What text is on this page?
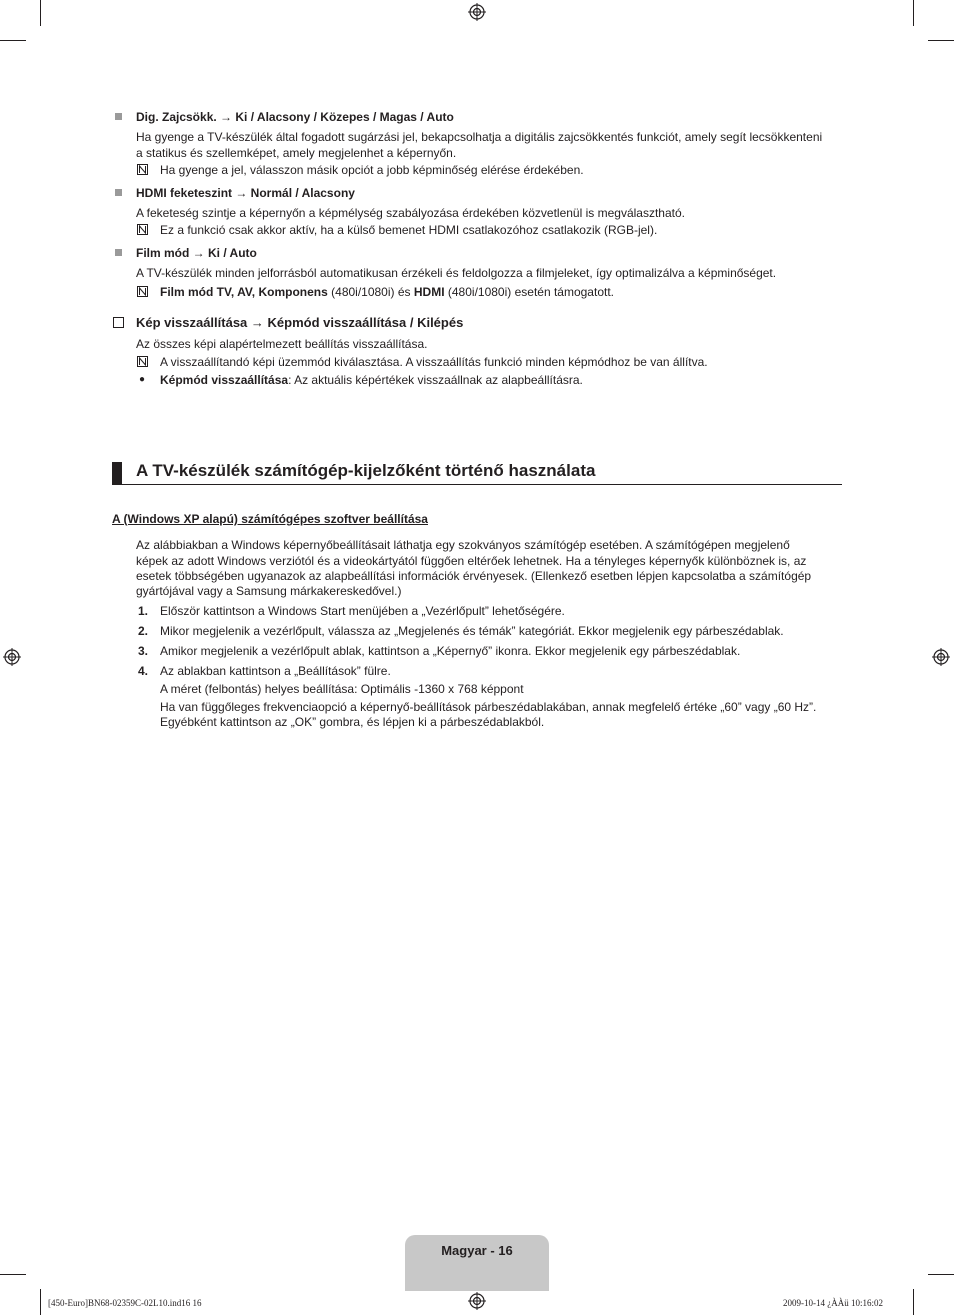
Dig. Zajcsökk. → Ki / Alacsony / Közepes / Magas / Auto
Ha gyenge a TV-készülék által fogadott sugárzási jel, bekapcsolhatja a digitális zajcsökkentés funkciót, amely segít lecsökkenteni
a statikus és szellemképet, amely megjelenhet a képernyőn.
Ha gyenge a jel, válasszon másik opciót a jobb képminőség elérése érdekében.
HDMI feketeszint → Normál / Alacsony
A feketeség szintje a képernyőn a képmélység szabályozása érdekében közvetlenül is megválasztható.
Ez a funkció csak akkor aktív, ha a külső bemenet HDMI csatlakozóhoz csatlakozik (RGB-jel).
Film mód → Ki / Auto
A TV-készülék minden jelforrásból automatikusan érzékeli és feldolgozza a filmjeleket, így optimalizálva a képminőséget.
Film mód TV, AV, Komponens (480i/1080i) és HDMI (480i/1080i) esetén támogatott.
Kép visszaállítása → Képmód visszaállítása / Kilépés
Az összes képi alapértelmezett beállítás visszaállítása.
A visszaállítandó képi üzemmód kiválasztása. A visszaállítás funkció minden képmódhoz be van állítva.
● Képmód visszaállítása: Az aktuális képértékek visszaállnak az alapbeállításra.
A TV-készülék számítógép-kijelzőként történő használata
A (Windows XP alapú) számítógépes szoftver beállítása
Az alábbiakban a Windows képernyőbeállításait láthatja egy szokványos számítógép esetében. A számítógépen megjelenő
képek az adott Windows verziótól és a videokártyától függően eltérőek lehetnek. Ha a tényleges képernyők különböznek is, az
esetek többségében ugyanazok az alapbeállítási információk érvényesek. (Ellenkező esetben lépjen kapcsolatba a számítógép
gyártójával vagy a Samsung márkakereskedővel.)
1. Először kattintson a Windows Start menüjében a „Vezérlőpult” lehetőségére.
2. Mikor megjelenik a vezérlőpult, válassza az „Megjelenés és témák” kategóriát. Ekkor megjelenik egy párbeszédablak.
3. Amikor megjelenik a vezérlőpult ablak, kattintson a „Képernyő” ikonra. Ekkor megjelenik egy párbeszédablak.
4. Az ablakban kattintson a „Beállítások” fülre.
A méret (felbontás) helyes beállítása: Optimális -1360 x 768 képpont
Ha van függőleges frekvenciaopció a képernyő-beállítások párbeszédablakában, annak megfelelő értéke „60” vagy „60 Hz”.
Egyébként kattintson az „OK” gombra, és lépjen ki a párbeszédablakból.
Magyar - 16
[450-Euro]BN68-02359C-02L10.ind16 16	2009-10-14 ¿ÀÀü 10:16:02
